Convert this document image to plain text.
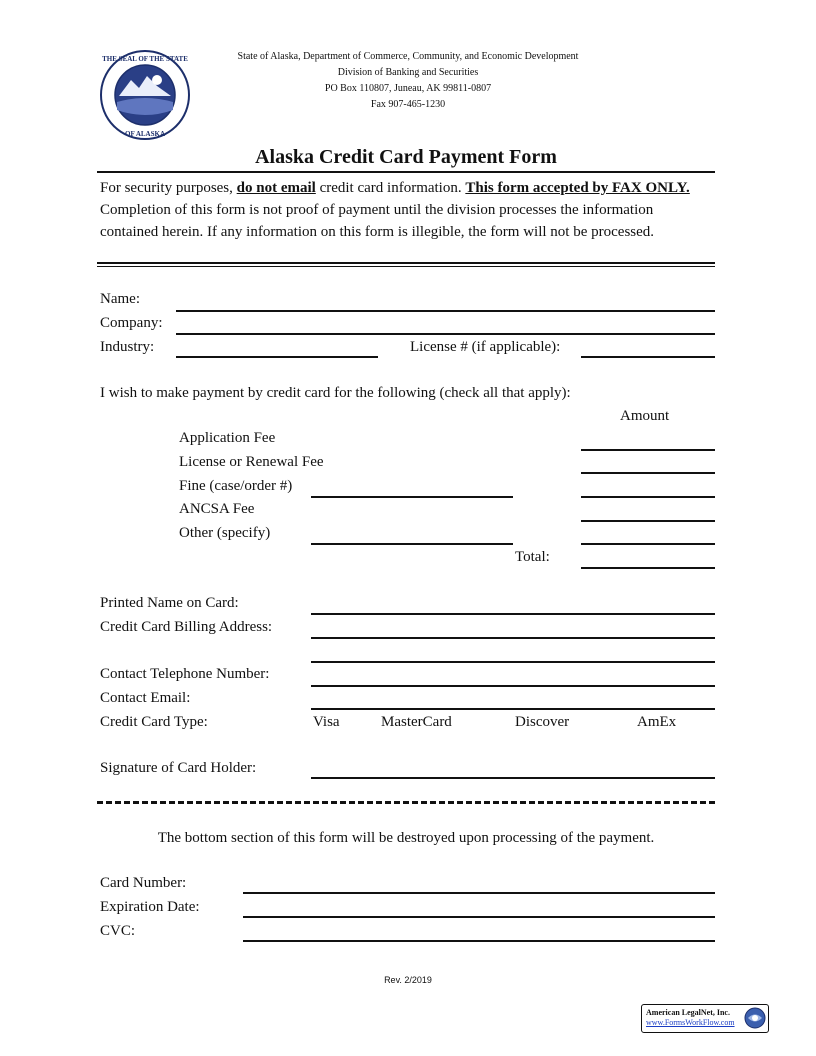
THE SEAL OF THE STATE
OF ALASKA
State of Alaska, Department of Commerce, Community, and Economic Development
Division of Banking and Securities
PO Box 110807, Juneau, AK 99811-0807
Fax 907-465-1230
Alaska Credit Card Payment Form
For security purposes, do not email credit card information. This form accepted by FAX ONLY. Completion of this form is not proof of payment until the division processes the information contained herein. If any information on this form is illegible, the form will not be processed.
Name:
Company:
Industry:	License # (if applicable):
I wish to make payment by credit card for the following (check all that apply):
Amount
Application Fee
License or Renewal Fee
Fine (case/order #)
ANCSA Fee
Other (specify)
Total:
Printed Name on Card:
Credit Card Billing Address:
Contact Telephone Number:
Contact Email:
Credit Card Type:	Visa	MasterCard	Discover	AmEx
Signature of Card Holder:
The bottom section of this form will be destroyed upon processing of the payment.
Card Number:
Expiration Date:
CVC:
Rev. 2/2019
American LegalNet, Inc.
www.FormsWorkFlow.com
